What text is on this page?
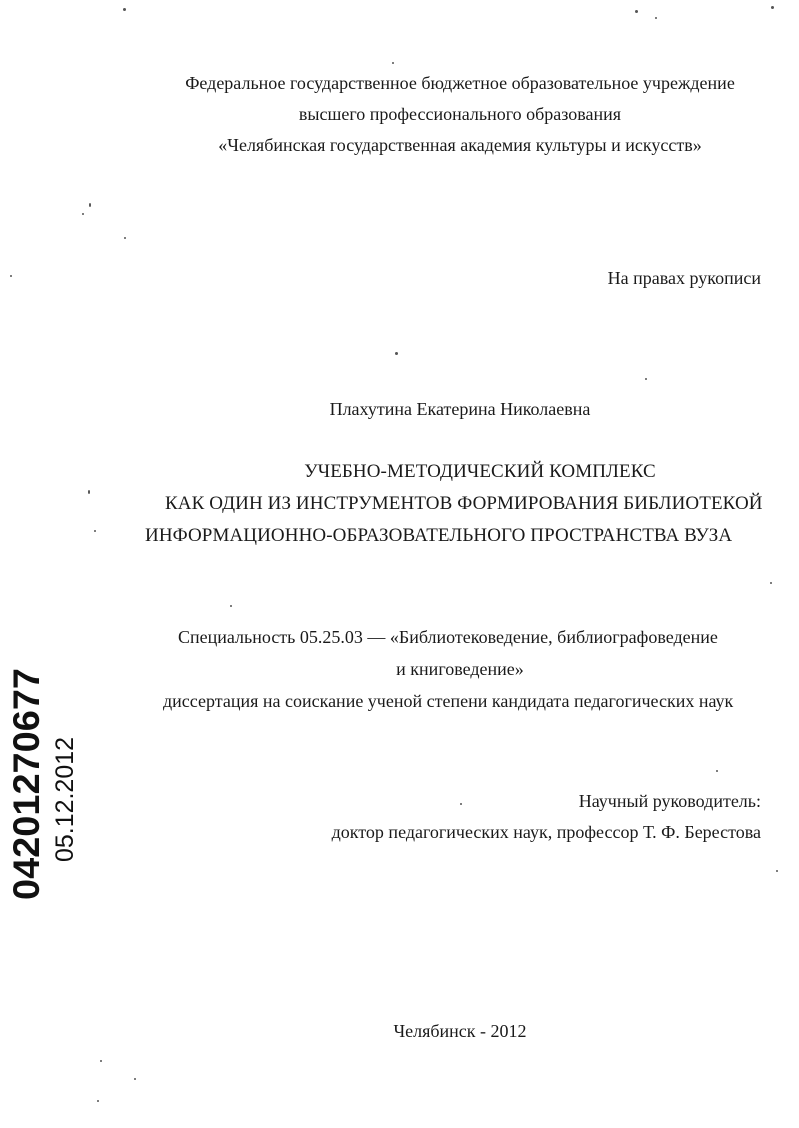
Федеральное государственное бюджетное образовательное учреждение
высшего профессионального образования
«Челябинская государственная академия культуры и искусств»
На правах рукописи
Плахутина Екатерина Николаевна
УЧЕБНО-МЕТОДИЧЕСКИЙ КОМПЛЕКС
КАК ОДИН ИЗ ИНСТРУМЕНТОВ ФОРМИРОВАНИЯ БИБЛИОТЕКОЙ
ИНФОРМАЦИОННО-ОБРАЗОВАТЕЛЬНОГО ПРОСТРАНСТВА ВУЗА
Специальность 05.25.03 — «Библиотековедение, библиографоведение
и книговедение»
диссертация на соискание ученой степени кандидата педагогических наук
Научный руководитель:
доктор педагогических наук, профессор Т. Ф. Берестова
Челябинск - 2012
04201270677 05.12.2012
